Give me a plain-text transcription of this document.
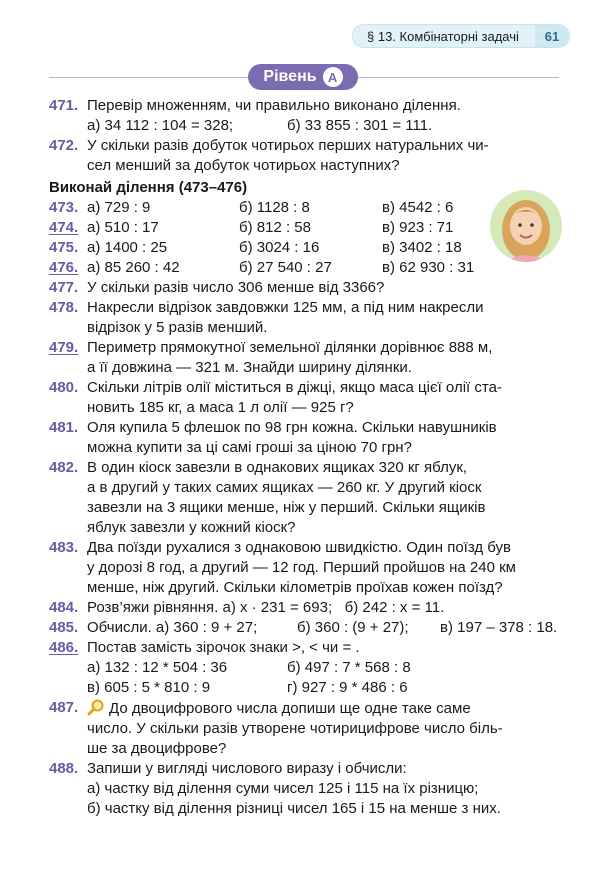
§ 13. Комбінаторні задачі	61
Рівень A
471. Перевір множенням, чи правильно виконано ділення.
а) 34 112 : 104 = 328;	б) 33 855 : 301 = 111.
472. У скільки разів добуток чотирьох перших натуральних чи-
сел менший за добуток чотирьох наступних?
Виконай ділення (473–476)
473. а) 729 : 9	б) 1128 : 8	в) 4542 : 6
474. а) 510 : 17	б) 812 : 58	в) 923 : 71
475. а) 1400 : 25	б) 3024 : 16	в) 3402 : 18
476. а) 85 260 : 42	б) 27 540 : 27	в) 62 930 : 31
477. У скільки разів число 306 менше від 3366?
478. Накресли відрізок завдовжки 125 мм, а під ним накресли
відрізок у 5 разів менший.
479. Периметр прямокутної земельної ділянки дорівнює 888 м,
а її довжина — 321 м. Знайди ширину ділянки.
480. Скільки літрів олії міститься в діжці, якщо маса цієї олії ста-
новить 185 кг, а маса 1 л олії — 925 г?
481. Оля купила 5 флешок по 98 грн кожна. Скільки навушників
можна купити за ці самі гроші за ціною 70 грн?
482. В один кіоск завезли в однакових ящиках 320 кг яблук,
а в другий у таких самих ящиках — 260 кг. У другий кіоск
завезли на 3 ящики менше, ніж у перший. Скільки ящиків
яблук завезли у кожний кіоск?
483. Два поїзди рухалися з однаковою швидкістю. Один поїзд був
у дорозі 8 год, а другий — 12 год. Перший пройшов на 240 км
менше, ніж другий. Скільки кілометрів проїхав кожен поїзд?
484. Розв’яжи рівняння. а) x · 231 = 693;   б) 242 : x = 11.
485. Обчисли. а) 360 : 9 + 27;	б) 360 : (9 + 27);	в) 197 – 378 : 18.
486. Постав замість зірочок знаки >, < чи = .
а) 132 : 12 * 504 : 36	б) 497 : 7 * 568 : 8
в) 605 : 5 * 810 : 9	г) 927 : 9 * 486 : 6
487.	До двоцифрового числа допиши ще одне таке саме
число. У скільки разів утворене чотирицифрове число біль-
ше за двоцифрове?
488. Запиши у вигляді числового виразу і обчисли:
а) частку від ділення суми чисел 125 і 115 на їх різницю;
б) частку від ділення різниці чисел 165 і 15 на менше з них.
